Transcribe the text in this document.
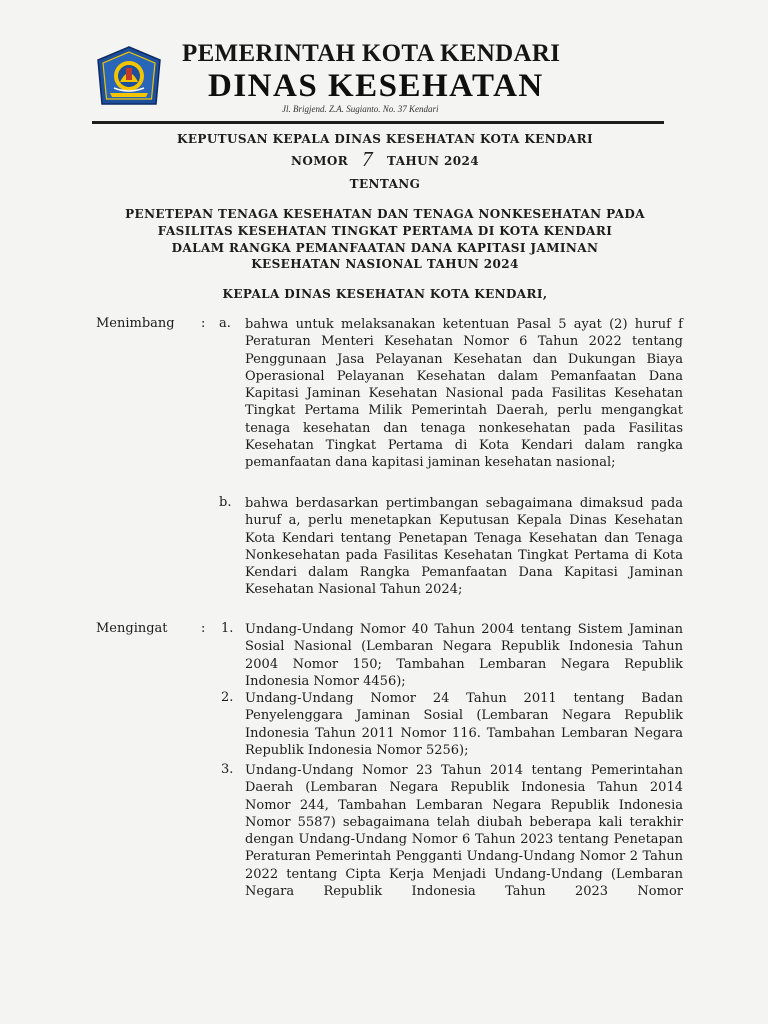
PEMERINTAH KOTA KENDARI
DINAS KESEHATAN
Jl. Brigjend. Z.A. Sugianto. No. 37 Kendari
KEPUTUSAN KEPALA DINAS KESEHATAN KOTA KENDARI
NOMOR 7 TAHUN 2024
TENTANG
PENETEPAN TENAGA KESEHATAN DAN TENAGA NONKESEHATAN PADA
FASILITAS KESEHATAN TINGKAT PERTAMA DI KOTA KENDARI
DALAM RANGKA PEMANFAATAN DANA KAPITASI JAMINAN
KESEHATAN NASIONAL TAHUN 2024
KEPALA DINAS KESEHATAN KOTA KENDARI,
Menimbang : a. bahwa untuk melaksanakan ketentuan Pasal 5 ayat (2) huruf f Peraturan Menteri Kesehatan Nomor 6 Tahun 2022 tentang Penggunaan Jasa Pelayanan Kesehatan dan Dukungan Biaya Operasional Pelayanan Kesehatan dalam Pemanfaatan Dana Kapitasi Jaminan Kesehatan Nasional pada Fasilitas Kesehatan Tingkat Pertama Milik Pemerintah Daerah, perlu mengangkat tenaga kesehatan dan tenaga nonkesehatan pada Fasilitas Kesehatan Tingkat Pertama di Kota Kendari dalam rangka pemanfaatan dana kapitasi jaminan kesehatan nasional;
b. bahwa berdasarkan pertimbangan sebagaimana dimaksud pada huruf a, perlu menetapkan Keputusan Kepala Dinas Kesehatan Kota Kendari tentang Penetapan Tenaga Kesehatan dan Tenaga Nonkesehatan pada Fasilitas Kesehatan Tingkat Pertama di Kota Kendari dalam Rangka Pemanfaatan Dana Kapitasi Jaminan Kesehatan Nasional Tahun 2024;
Mengingat	: 1. Undang-Undang Nomor 40 Tahun 2004 tentang Sistem Jaminan Sosial Nasional (Lembaran Negara Republik Indonesia Tahun 2004 Nomor 150; Tambahan Lembaran Negara Republik Indonesia Nomor 4456);
2. Undang-Undang Nomor 24 Tahun 2011 tentang Badan Penyelenggara Jaminan Sosial (Lembaran Negara Republik Indonesia Tahun 2011 Nomor 116. Tambahan Lembaran Negara Republik Indonesia Nomor 5256);
3. Undang-Undang Nomor 23 Tahun 2014 tentang Pemerintahan Daerah (Lembaran Negara Republik Indonesia Tahun 2014 Nomor 244, Tambahan Lembaran Negara Republik Indonesia Nomor 5587) sebagaimana telah diubah beberapa kali terakhir dengan Undang-Undang Nomor 6 Tahun 2023 tentang Penetapan Peraturan Pemerintah Pengganti Undang-Undang Nomor 2 Tahun 2022 tentang Cipta Kerja Menjadi Undang-Undang (Lembaran Negara Republik Indonesia Tahun 2023 Nomor
